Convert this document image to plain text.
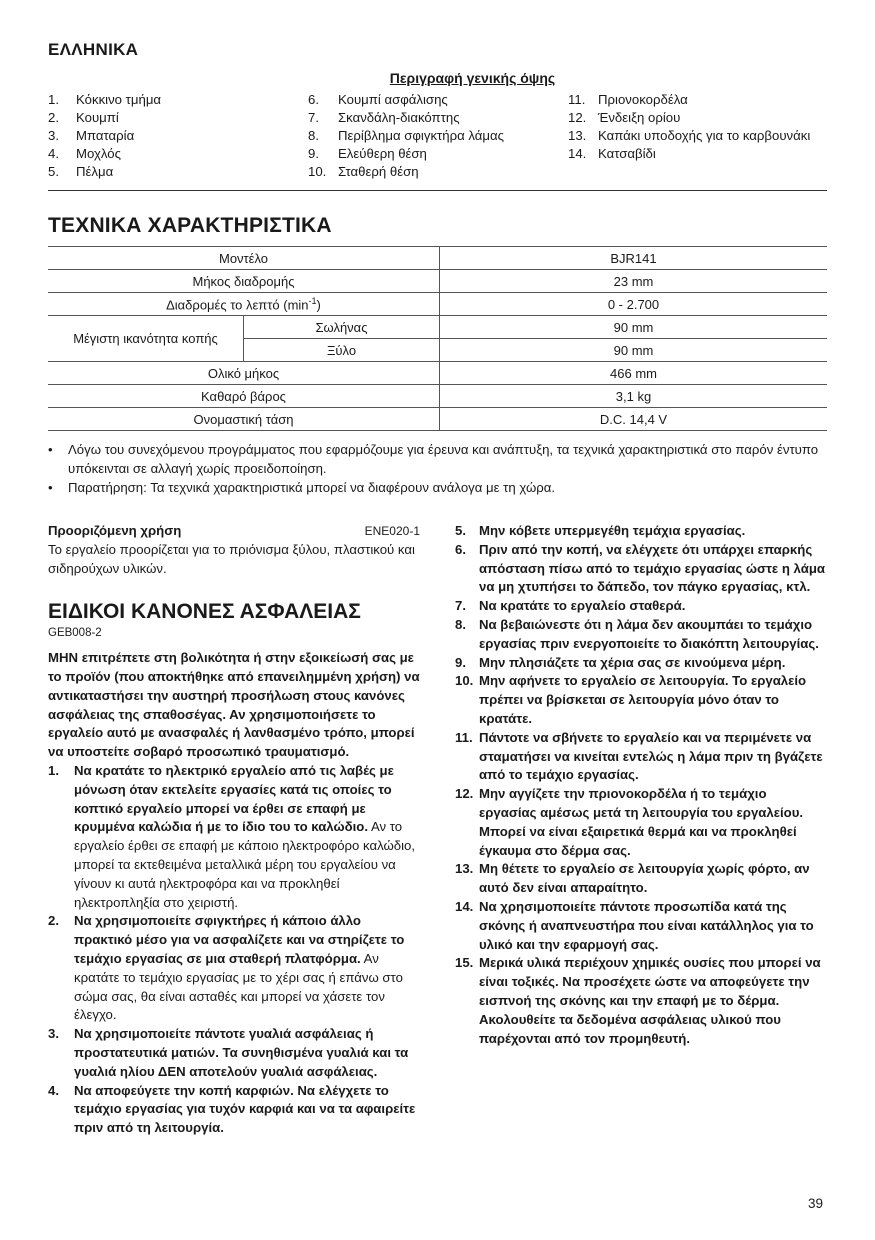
ΕΛΛΗΝΙΚΑ
Περιγραφή γενικής όψης
1.	Κόκκινο τμήμα
2.	Κουμπί
3.	Μπαταρία
4.	Μοχλός
5.	Πέλμα
6.	Κουμπί ασφάλισης
7.	Σκανδάλη-διακόπτης
8.	Περίβλημα σφιγκτήρα λάμας
9.	Ελεύθερη θέση
10. Σταθερή θέση
11. Πριονοκορδέλα
12. Ένδειξη ορίου
13. Καπάκι υποδοχής για το καρβουνάκι
14. Κατσαβίδι
ΤΕΧΝΙΚΑ ΧΑΡΑΚΤΗΡΙΣΤΙΚΑ
Μοντέλο		BJR141
Μήκος διαδρομής		23 mm
Διαδρομές το λεπτό $(\min^{-1})$		0 - 2.700
Μέγιστη ικανότητα κοπής	Σωλήνας	90 mm
	Ξύλο	90 mm
Ολικό μήκος		466 mm
Καθαρό βάρος		3,1 kg
Ονομαστική τάση		D.C. 14,4 V
•	Λόγω του συνεχόμενου προγράμματος που εφαρμόζουμε για έρευνα και ανάπτυξη, τα τεχνικά χαρακτηριστικά στο παρόν έντυπο υπόκεινται σε αλλαγή χωρίς προειδοποίηση.
•	Παρατήρηση: Τα τεχνικά χαρακτηριστικά μπορεί να διαφέρουν ανάλογα με τη χώρα.
Προοριζόμενη χρήση	ENE020-1
Το εργαλείο προορίζεται για το πριόνισμα ξύλου, πλαστικού και σιδηρούχων υλικών.
ΕΙΔΙΚΟΙ ΚΑΝΟΝΕΣ ΑΣΦΑΛΕΙΑΣ
GEB008-2
ΜΗΝ επιτρέπετε στη βολικότητα ή στην εξοικείωσή σας με το προϊόν (που αποκτήθηκε από επανειλημμένη χρήση) να αντικαταστήσει την αυστηρή προσήλωση στους κανόνες ασφάλειας της σπαθοσέγας. Αν χρησιμοποιήσετε το εργαλείο αυτό με ανασφαλές ή λανθασμένο τρόπο, μπορεί να υποστείτε σοβαρό προσωπικό τραυματισμό.
1.	Να κρατάτε το ηλεκτρικό εργαλείο από τις λαβές με μόνωση όταν εκτελείτε εργασίες κατά τις οποίες το κοπτικό εργαλείο μπορεί να έρθει σε επαφή με κρυμμένα καλώδια ή με το ίδιο του το καλώδιο. Αν το εργαλείο έρθει σε επαφή με κάποιο ηλεκτροφόρο καλώδιο, μπορεί τα εκτεθειμένα μεταλλικά μέρη του εργαλείου να γίνουν κι αυτά ηλεκτροφόρα και να προκληθεί ηλεκτροπληξία στο χειριστή.
2.	Να χρησιμοποιείτε σφιγκτήρες ή κάποιο άλλο πρακτικό μέσο για να ασφαλίζετε και να στηρίζετε το τεμάχιο εργασίας σε μια σταθερή πλατφόρμα. Αν κρατάτε το τεμάχιο εργασίας με το χέρι σας ή επάνω στο σώμα σας, θα είναι ασταθές και μπορεί να χάσετε τον έλεγχο.
3.	Να χρησιμοποιείτε πάντοτε γυαλιά ασφάλειας ή προστατευτικά ματιών. Τα συνηθισμένα γυαλιά και τα γυαλιά ηλίου ΔΕΝ αποτελούν γυαλιά ασφάλειας.
4.	Να αποφεύγετε την κοπή καρφιών. Να ελέγχετε το τεμάχιο εργασίας για τυχόν καρφιά και να τα αφαιρείτε πριν από τη λειτουργία.
5. Μην κόβετε υπερμεγέθη τεμάχια εργασίας.
6. Πριν από την κοπή, να ελέγχετε ότι υπάρχει επαρκής απόσταση πίσω από το τεμάχιο εργασίας ώστε η λάμα να μη χτυπήσει το δάπεδο, τον πάγκο εργασίας, κτλ.
7. Να κρατάτε το εργαλείο σταθερά.
8. Να βεβαιώνεστε ότι η λάμα δεν ακουμπάει το τεμάχιο εργασίας πριν ενεργοποιείτε το διακόπτη λειτουργίας.
9. Μην πλησιάζετε τα χέρια σας σε κινούμενα μέρη.
10. Μην αφήνετε το εργαλείο σε λειτουργία. Το εργαλείο πρέπει να βρίσκεται σε λειτουργία μόνο όταν το κρατάτε.
11. Πάντοτε να σβήνετε το εργαλείο και να περιμένετε να σταματήσει να κινείται εντελώς η λάμα πριν τη βγάζετε από το τεμάχιο εργασίας.
12. Μην αγγίζετε την πριονοκορδέλα ή το τεμάχιο εργασίας αμέσως μετά τη λειτουργία του εργαλείου. Μπορεί να είναι εξαιρετικά θερμά και να προκληθεί έγκαυμα στο δέρμα σας.
13. Μη θέτετε το εργαλείο σε λειτουργία χωρίς φόρτο, αν αυτό δεν είναι απαραίτητο.
14. Να χρησιμοποιείτε πάντοτε προσωπίδα κατά της σκόνης ή αναπνευστήρα που είναι κατάλληλος για το υλικό και την εφαρμογή σας.
15. Μερικά υλικά περιέχουν χημικές ουσίες που μπορεί να είναι τοξικές. Να προσέχετε ώστε να αποφεύγετε την εισπνοή της σκόνης και την επαφή με το δέρμα. Ακολουθείτε τα δεδομένα ασφάλειας υλικού που παρέχονται από τον προμηθευτή.
39
